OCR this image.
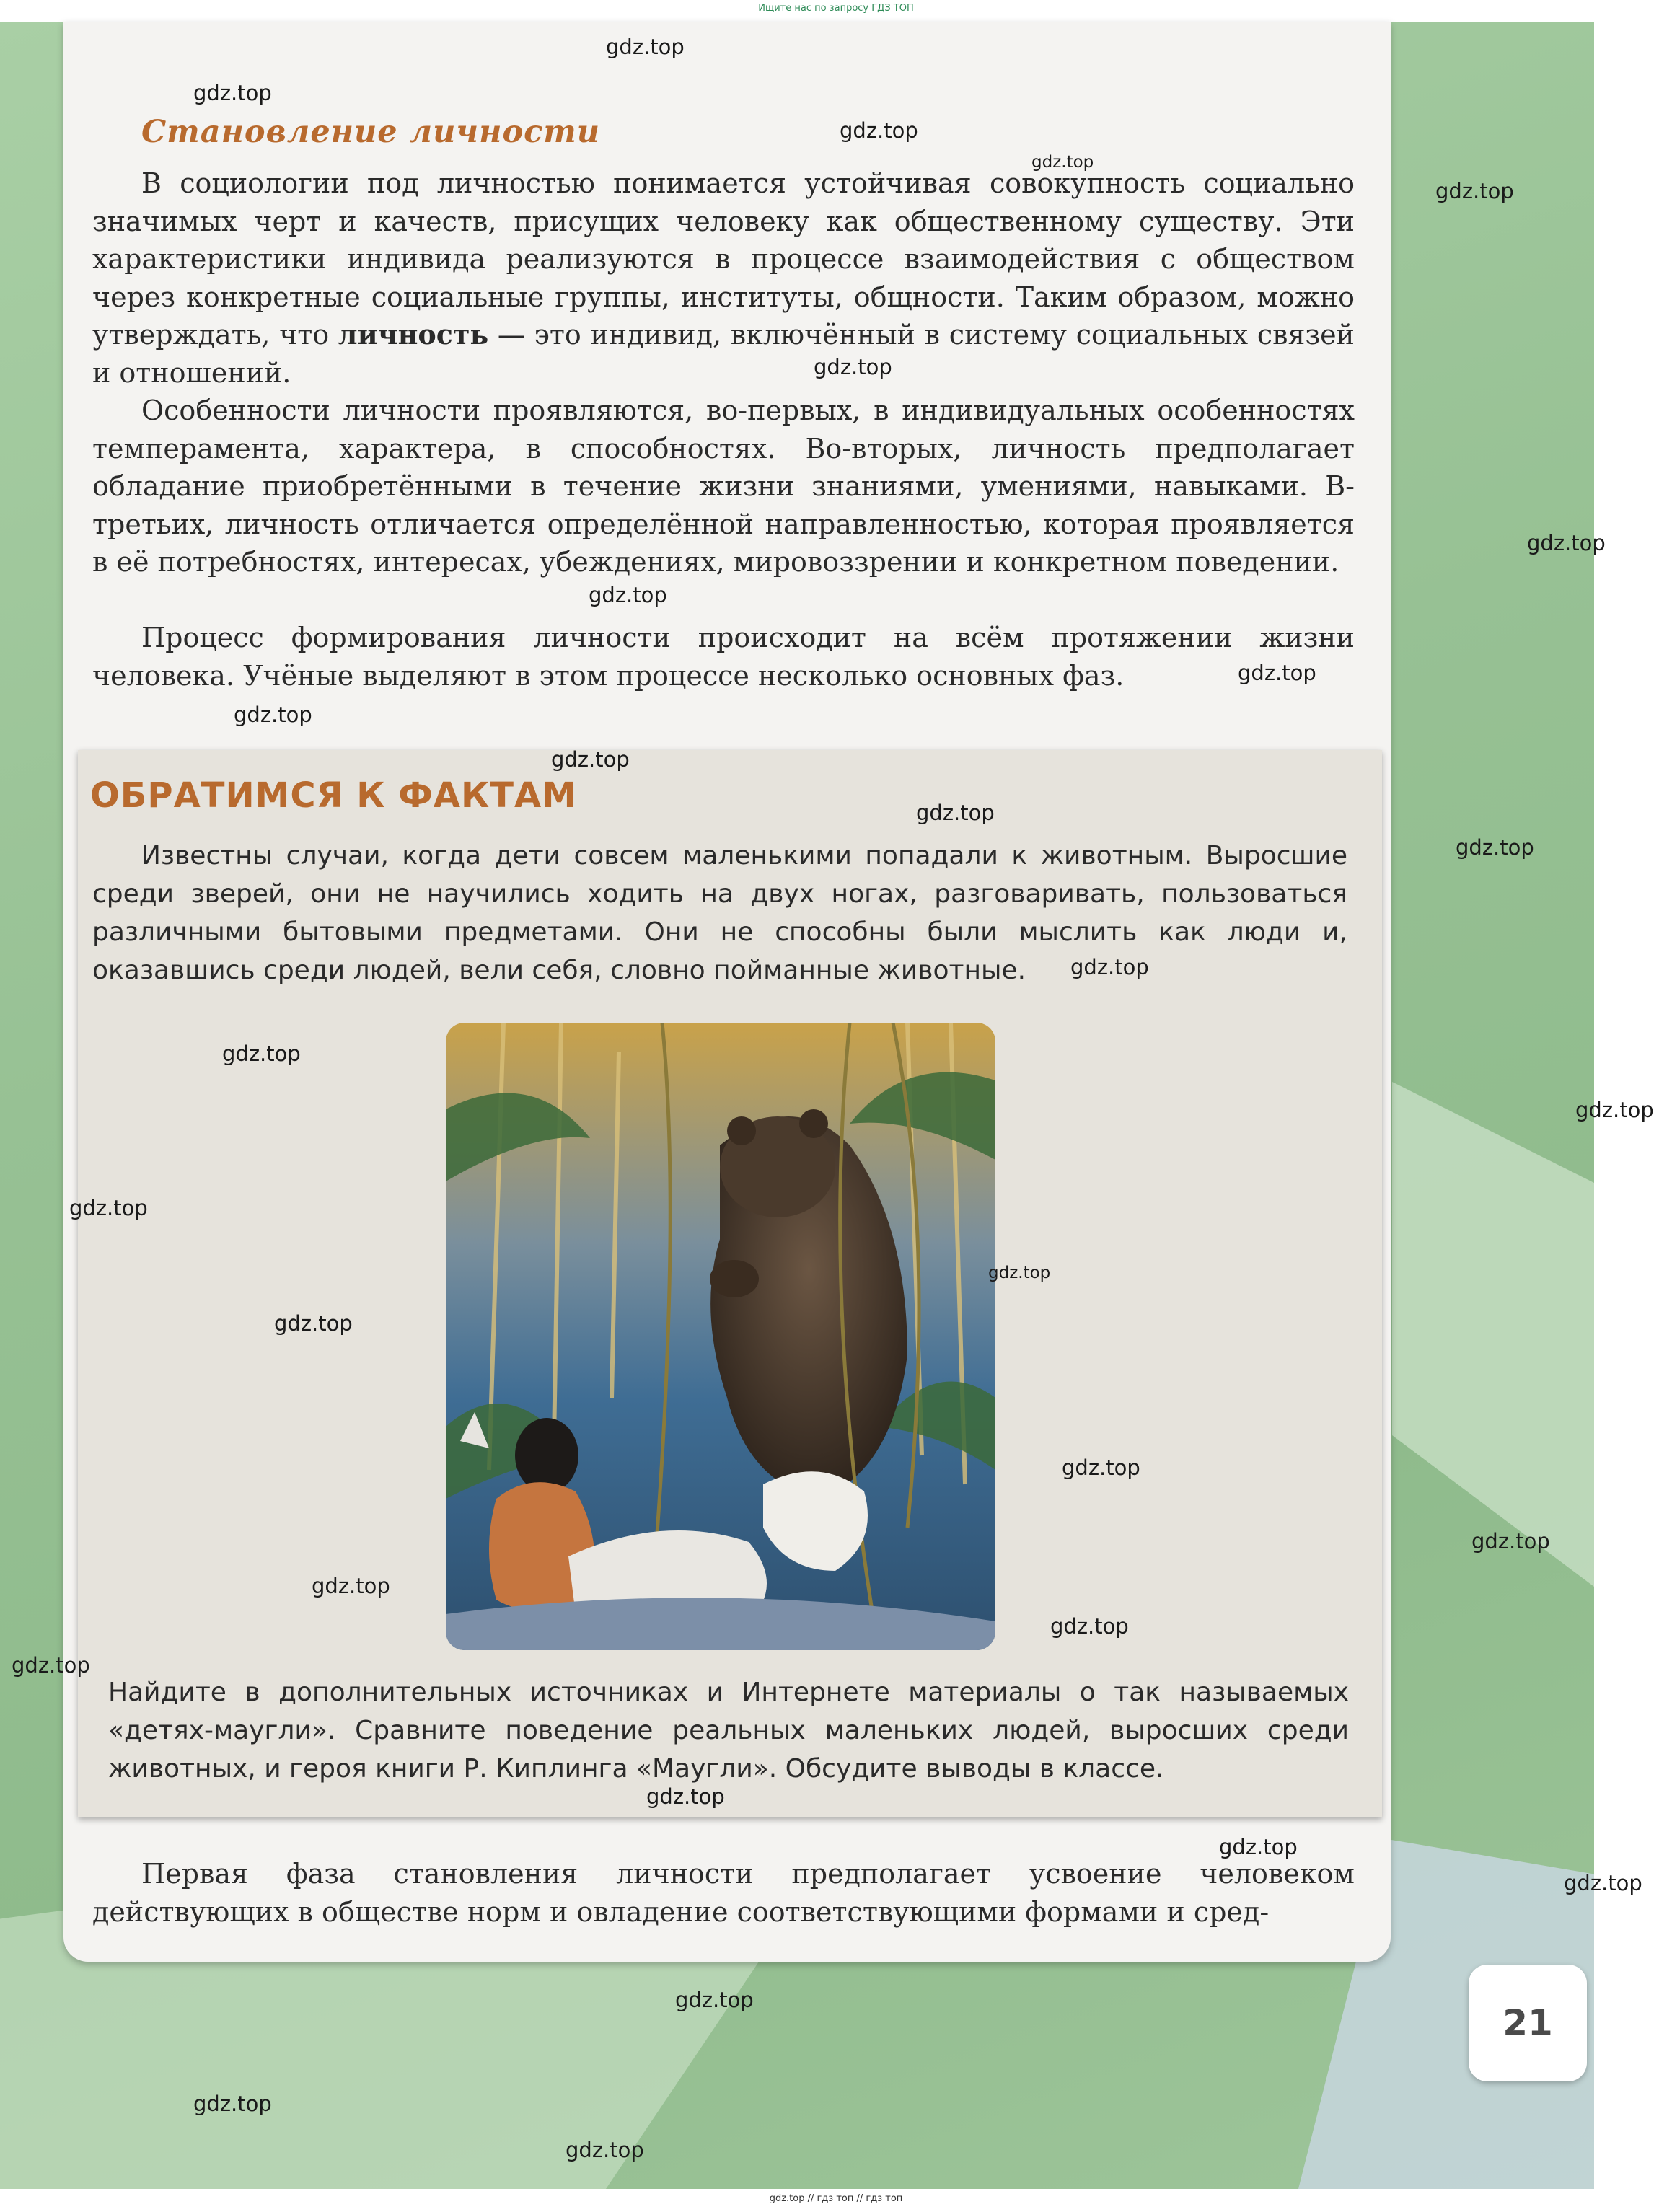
Ищите нас по запросу ГДЗ ТОП
Становление личности

В социологии под личностью понимается устойчивая совокупность социально значимых черт и качеств, присущих человеку как общественному существу. Эти характеристики индивида реализуются в процессе взаимодействия с обществом через конкретные социальные группы, институты, общности. Таким образом, можно утверждать, что личность — это индивид, включённый в систему социальных связей и отношений.

Особенности личности проявляются, во-первых, в индивидуальных особенностях темперамента, характера, в способностях. Во-вторых, личность предполагает обладание приобретёнными в течение жизни знаниями, умениями, навыками. В-третьих, личность отличается определённой направленностью, которая проявляется в её потребностях, интересах, убеждениях, мировоззрении и конкретном поведении.

Процесс формирования личности происходит на всём протяжении жизни человека. Учёные выделяют в этом процессе несколько основных фаз.

ОБРАТИМСЯ К ФАКТАМ

Известны случаи, когда дети совсем маленькими попадали к животным. Выросшие среди зверей, они не научились ходить на двух ногах, разговаривать, пользоваться различными бытовыми предметами. Они не способны были мыслить как люди и, оказавшись среди людей, вели себя, словно пойманные животные.

Найдите в дополнительных источниках и Интернете материалы о так называемых «детях-маугли». Сравните поведение реальных маленьких людей, выросших среди животных, и героя книги Р. Киплинга «Маугли». Обсудите выводы в классе.

Первая фаза становления личности предполагает усвоение человеком действующих в обществе норм и овладение соответствующими формами и сред-

21
gdz.top // гдз топ // гдз топ
gdz.top
gdz.top
gdz.top
gdz.top
gdz.top
gdz.top
gdz.top
gdz.top
gdz.top
gdz.top
gdz.top
gdz.top
gdz.top
gdz.top
gdz.top
gdz.top
gdz.top
gdz.top
gdz.top
gdz.top
gdz.top
gdz.top
gdz.top
gdz.top
gdz.top
gdz.top
gdz.top
gdz.top
gdz.top
gdz.top
